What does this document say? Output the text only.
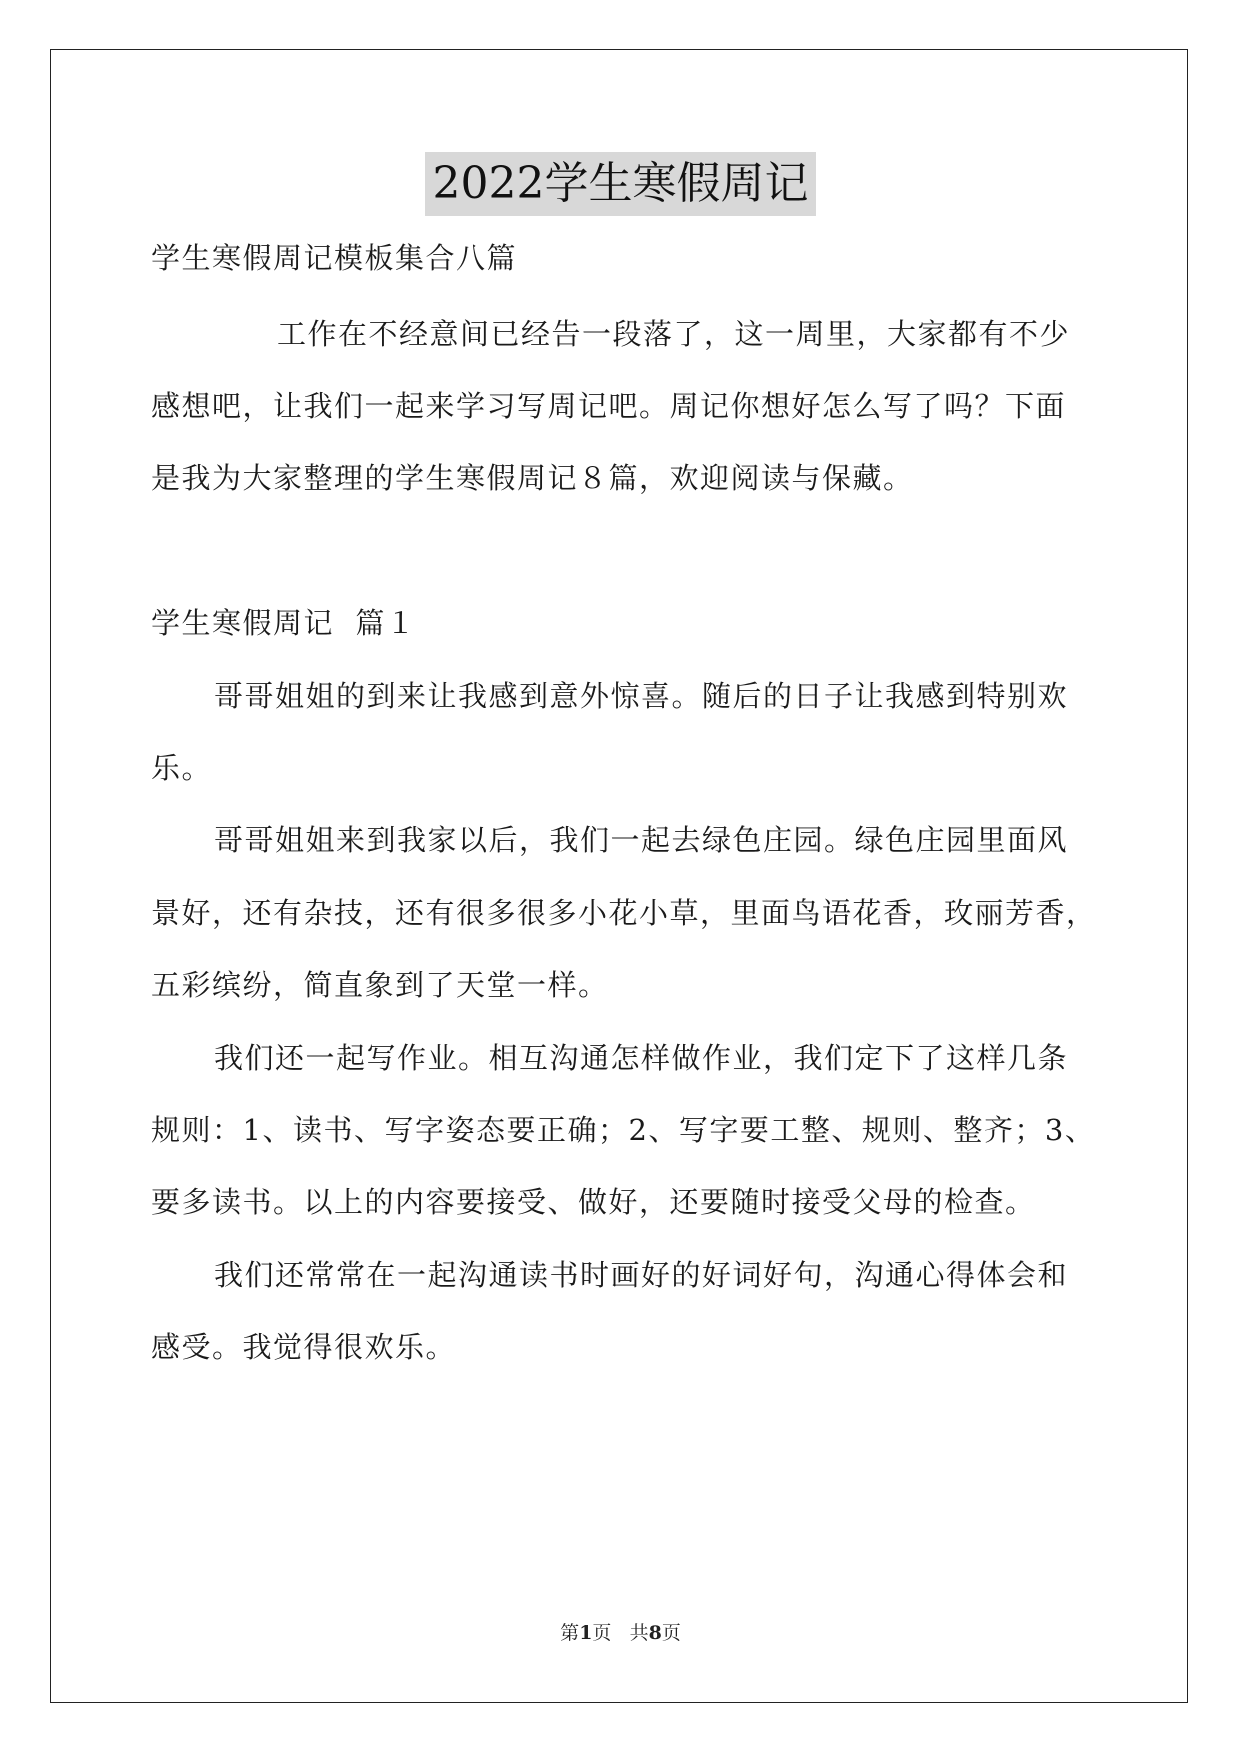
2022学生寒假周记

学生寒假周记模板集合八篇

工作在不经意间已经告一段落了，这一周里，大家都有不少

感想吧，让我们一起来学习写周记吧。周记你想好怎么写了吗？下面

是我为大家整理的学生寒假周记８篇，欢迎阅读与保藏。

学生寒假周记  篇１

哥哥姐姐的到来让我感到意外惊喜。随后的日子让我感到特别欢

乐。

哥哥姐姐来到我家以后，我们一起去绿色庄园。绿色庄园里面风

景好，还有杂技，还有很多很多小花小草，里面鸟语花香，玫丽芳香，

五彩缤纷，简直象到了天堂一样。

我们还一起写作业。相互沟通怎样做作业，我们定下了这样几条

规则：1、读书、写字姿态要正确；2、写字要工整、规则、整齐；3、

要多读书。以上的内容要接受、做好，还要随时接受父母的检查。

我们还常常在一起沟通读书时画好的好词好句，沟通心得体会和

感受。我觉得很欢乐。

第1页 共8页
